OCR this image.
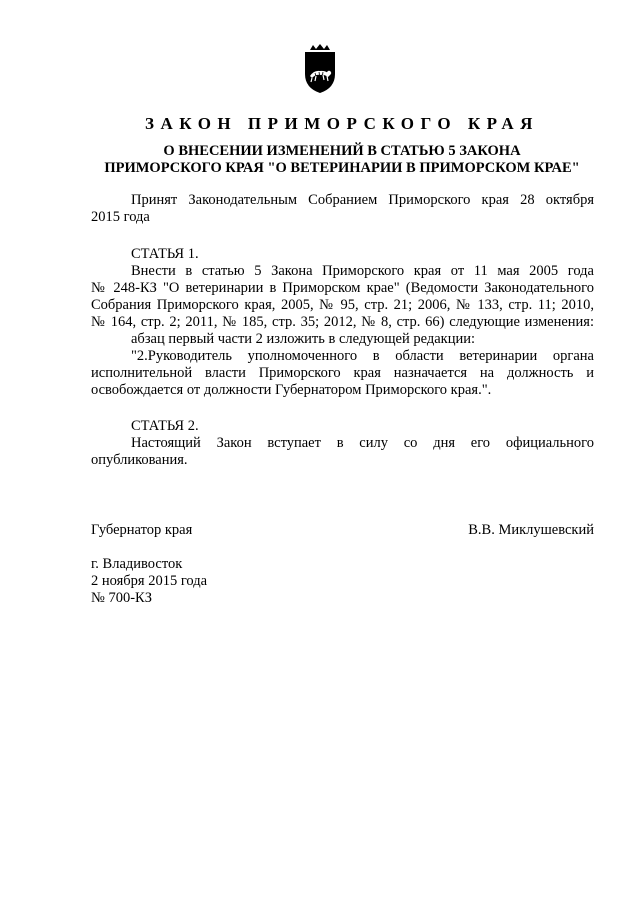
ЗАКОН ПРИМОРСКОГО КРАЯ
О ВНЕСЕНИИ ИЗМЕНЕНИЙ В СТАТЬЮ 5 ЗАКОНА
ПРИМОРСКОГО КРАЯ "О ВЕТЕРИНАРИИ В ПРИМОРСКОМ КРАЕ"
Принят Законодательным Собранием Приморского края 28 октября
2015 года
СТАТЬЯ 1.
Внести в статью 5 Закона Приморского края от 11 мая 2005 года
№ 248-КЗ "О ветеринарии в Приморском крае" (Ведомости Законодательного
Собрания Приморского края, 2005, № 95, стр. 21; 2006, № 133, стр. 11; 2010,
№ 164, стр. 2; 2011, № 185, стр. 35; 2012, № 8, стр. 66) следующие изменения:
абзац первый части 2 изложить в следующей редакции:
"2.Руководитель уполномоченного в области ветеринарии органа
исполнительной власти Приморского края назначается на должность и
освобождается от должности Губернатором Приморского края.".
СТАТЬЯ 2.
Настоящий Закон вступает в силу со дня его официального
опубликования.
Губернатор края	В.В. Миклушевский
г. Владивосток
2 ноября 2015 года
№ 700-КЗ
